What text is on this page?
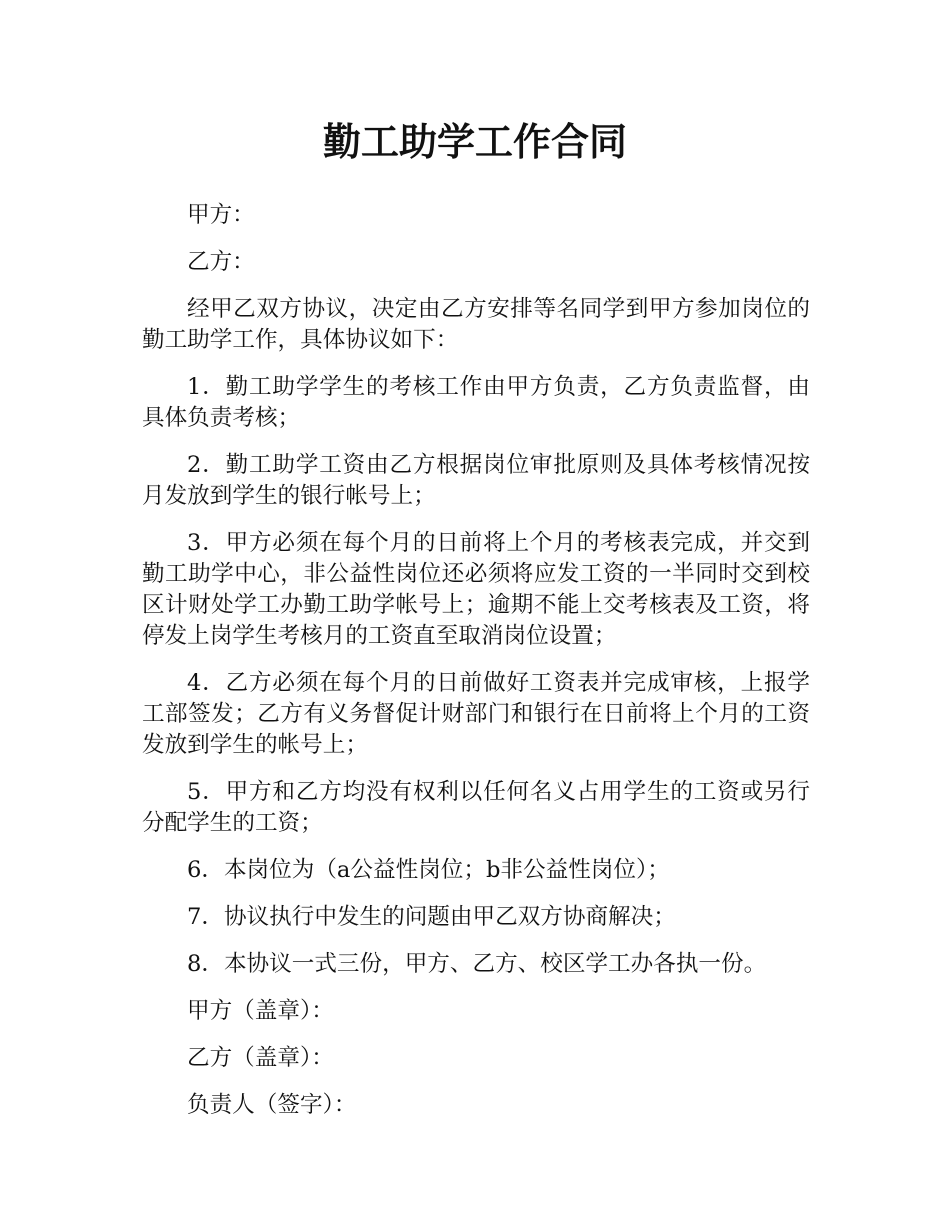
勤工助学工作合同

甲方：

乙方：

经甲乙双方协议，决定由乙方安排等名同学到甲方参加岗位的勤工助学工作，具体协议如下：

1．勤工助学学生的考核工作由甲方负责，乙方负责监督，由具体负责考核；

2．勤工助学工资由乙方根据岗位审批原则及具体考核情况按月发放到学生的银行帐号上；

3．甲方必须在每个月的日前将上个月的考核表完成，并交到勤工助学中心，非公益性岗位还必须将应发工资的一半同时交到校区计财处学工办勤工助学帐号上；逾期不能上交考核表及工资，将停发上岗学生考核月的工资直至取消岗位设置；

4．乙方必须在每个月的日前做好工资表并完成审核，上报学工部签发；乙方有义务督促计财部门和银行在日前将上个月的工资发放到学生的帐号上；

5．甲方和乙方均没有权利以任何名义占用学生的工资或另行分配学生的工资；

6．本岗位为（a公益性岗位；b非公益性岗位）；

7．协议执行中发生的问题由甲乙双方协商解决；

8．本协议一式三份，甲方、乙方、校区学工办各执一份。

甲方（盖章）：

乙方（盖章）：

负责人（签字）：
